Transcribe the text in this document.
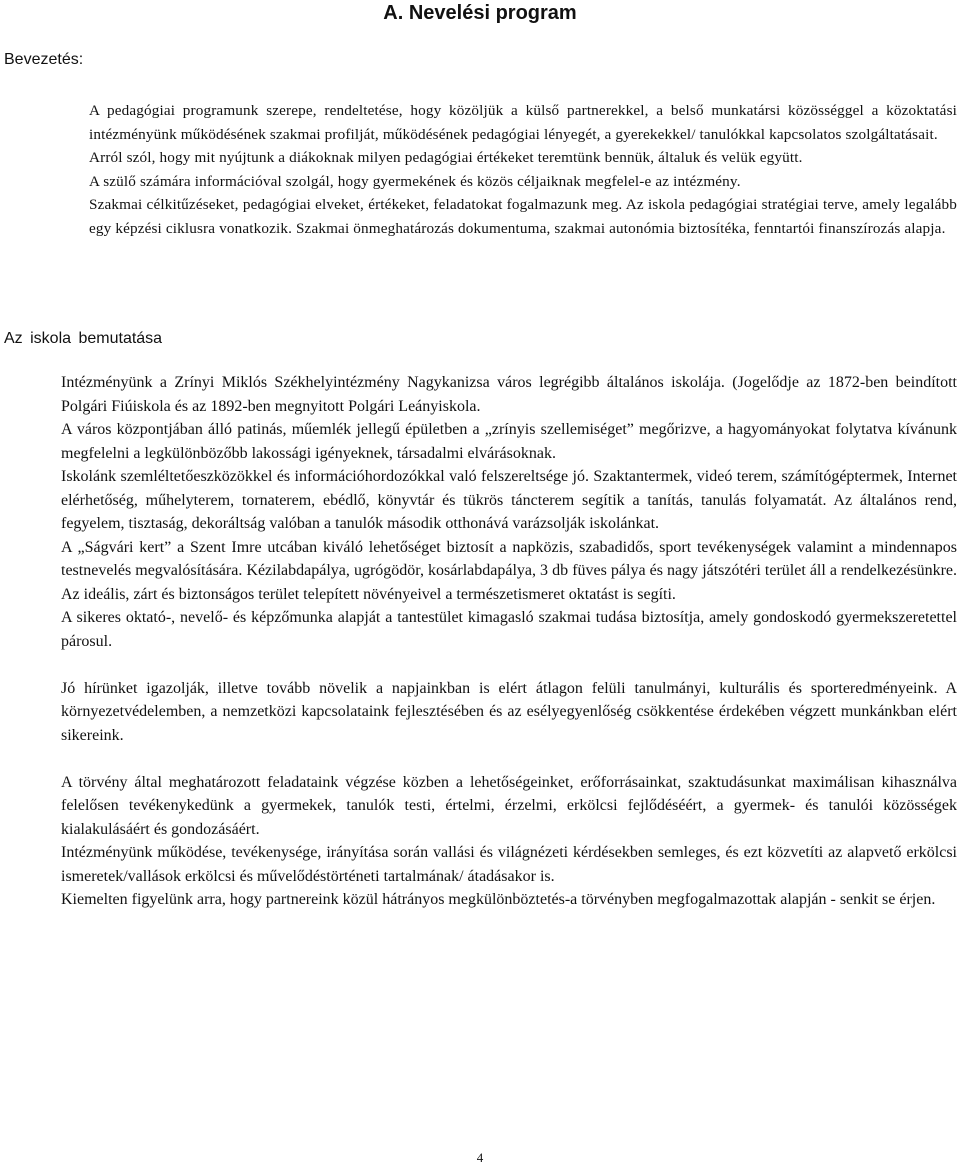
A. Nevelési program
Bevezetés:

A pedagógiai programunk szerepe, rendeltetése, hogy közöljük a külső partnerekkel, a belső munkatársi közösséggel a közoktatási intézményünk működésének szakmai profilját, működésének pedagógiai lényegét, a gyerekekkel/ tanulókkal kapcsolatos szolgáltatásait.

Arról szól, hogy mit nyújtunk a diákoknak milyen pedagógiai értékeket teremtünk bennük, általuk és velük együtt.

A szülő számára információval szolgál, hogy gyermekének és közös céljaiknak megfelel-e az intézmény.

Szakmai célkitűzéseket, pedagógiai elveket, értékeket, feladatokat fogalmazunk meg. Az iskola pedagógiai stratégiai terve, amely legalább egy képzési ciklusra vonatkozik. Szakmai önmeghatározás dokumentuma, szakmai autonómia biztosítéka, fenntartói finanszírozás alapja.

Az iskola bemutatása

Intézményünk a Zrínyi Miklós Székhelyintézmény Nagykanizsa város legrégibb általános iskolája. (Jogelődje az 1872-ben beindított Polgári Fiúiskola és az 1892-ben megnyitott Polgári Leányiskola.

A város központjában álló patinás, műemlék jellegű épületben a „zrínyis szellemiséget” megőrizve, a hagyományokat folytatva kívánunk megfelelni a legkülönbözőbb lakossági igényeknek, társadalmi elvárásoknak.

Iskolánk szemléltetőeszközökkel és információhordozókkal való felszereltsége jó. Szaktantermek, videó terem, számítógéptermek, Internet elérhetőség, műhelyterem, tornaterem, ebédlő, könyvtár és tükrös táncterem segítik a tanítás, tanulás folyamatát. Az általános rend, fegyelem, tisztaság, dekoráltság valóban a tanulók második otthonává varázsolják iskolánkat.

A „Ságvári kert” a Szent Imre utcában kiváló lehetőséget biztosít a napközis, szabadidős, sport tevékenységek valamint a mindennapos testnevelés megvalósítására. Kézilabdapálya, ugrógödör, kosárlabdapálya, 3 db füves pálya és nagy játszótéri terület áll a rendelkezésünkre. Az ideális, zárt és biztonságos terület telepített növényeivel a természetismeret oktatást is segíti.

A sikeres oktató-, nevelő- és képzőmunka alapját a tantestület kimagasló szakmai tudása biztosítja, amely gondoskodó gyermekszeretettel párosul.

Jó hírünket igazolják, illetve tovább növelik a napjainkban is elért átlagon felüli tanulmányi, kulturális és sporteredményeink. A környezetvédelemben, a nemzetközi kapcsolataink fejlesztésében és az esélyegyenlőség csökkentése érdekében végzett munkánkban elért sikereink.

A törvény által meghatározott feladataink végzése közben a lehetőségeinket, erőforrásainkat, szaktudásunkat maximálisan kihasználva felelősen tevékenykedünk a gyermekek, tanulók testi, értelmi, érzelmi, erkölcsi fejlődéséért, a gyermek- és tanulói közösségek kialakulásáért és gondozásáért.

Intézményünk működése, tevékenysége, irányítása során vallási és világnézeti kérdésekben semleges, és ezt közvetíti az alapvető erkölcsi ismeretek/vallások erkölcsi és művelődéstörténeti tartalmának/ átadásakor is.

Kiemelten figyelünk arra, hogy partnereink közül hátrányos megkülönböztetés-a törvényben megfogalmazottak alapján - senkit se érjen.

4
